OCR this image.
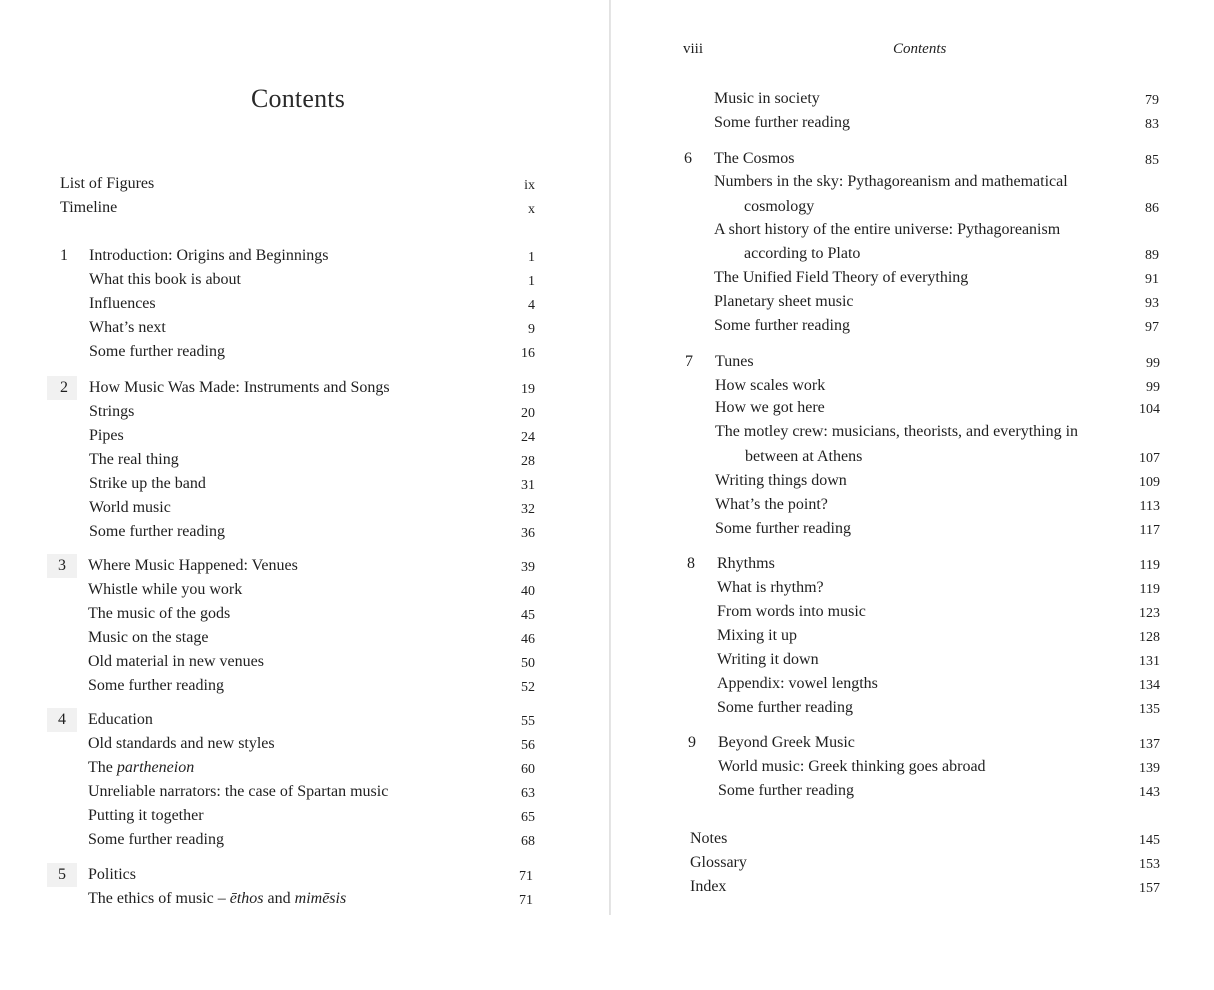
Contents
List of Figures	ix
Timeline	x
1 Introduction: Origins and Beginnings	1
What this book is about	1
Influences	4
What’s next	9
Some further reading	16
2 How Music Was Made: Instruments and Songs	19
Strings	20
Pipes	24
The real thing	28
Strike up the band	31
World music	32
Some further reading	36
3 Where Music Happened: Venues	39
Whistle while you work	40
The music of the gods	45
Music on the stage	46
Old material in new venues	50
Some further reading	52
4 Education	55
Old standards and new styles	56
The partheneion	60
Unreliable narrators: the case of Spartan music	63
Putting it together	65
Some further reading	68
5 Politics	71
The ethics of music – ēthos and mimēsis	71
viii	Contents
Music in society	79
Some further reading	83
6 The Cosmos	85
Numbers in the sky: Pythagoreanism and mathematical
cosmology	86
A short history of the entire universe: Pythagoreanism
according to Plato	89
The Unified Field Theory of everything	91
Planetary sheet music	93
Some further reading	97
7 Tunes	99
How scales work	99
How we got here	104
The motley crew: musicians, theorists, and everything in
between at Athens	107
Writing things down	109
What’s the point?	113
Some further reading	117
8 Rhythms	119
What is rhythm?	119
From words into music	123
Mixing it up	128
Writing it down	131
Appendix: vowel lengths	134
Some further reading	135
9 Beyond Greek Music	137
World music: Greek thinking goes abroad	139
Some further reading	143
Notes	145
Glossary	153
Index	157
